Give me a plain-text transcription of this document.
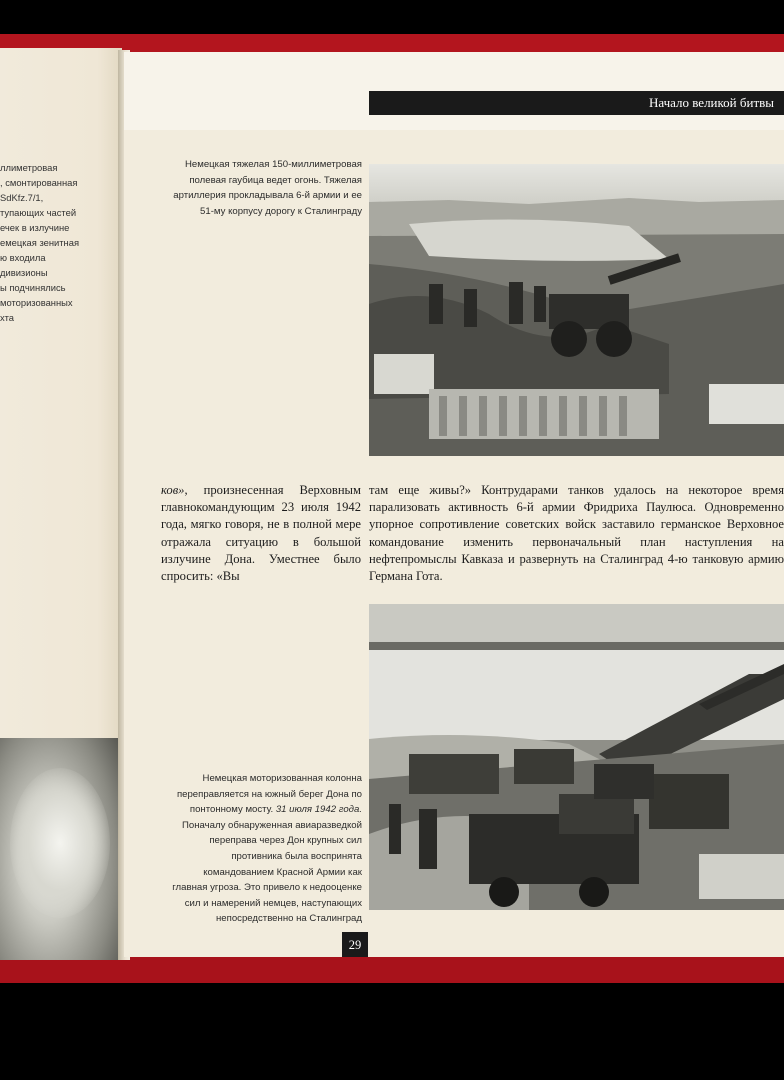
ллиметровая
, смонтированная
SdKfz.7/1,
тупающих частей
ечек в излучине
емецкая зенитная
ю входила
дивизионы
ы подчинялись
моторизованных
хта
Начало великой битвы
Немецкая тяжелая 150-миллиметровая полевая гаубица ведет огонь. Тяжелая артиллерия прокладывала 6-й армии и ее 51-му корпусу дорогу к Сталинграду
ков», произнесенная Верховным главнокомандующим 23 июля 1942 года, мягко говоря, не в полной мере отражала ситуацию в большой излучине Дона. Уместнее было спросить: «Вы
там еще живы?» Контрударами танков удалось на некоторое время парализовать активность 6-й армии Фридриха Паулюса. Одновременно упорное сопротивление советских войск заставило германское Верховное командование изменить первоначальный план наступления на нефтепромыслы Кавказа и развернуть на Сталинград 4-ю танковую армию Германа Гота.
Немецкая моторизованная колонна переправляется на южный берег Дона по понтонному мосту. 31 июля 1942 года. Поначалу обнаруженная авиаразведкой переправа через Дон крупных сил противника была воспринята командованием Красной Армии как главная угроза. Это привело к недооценке сил и намерений немцев, наступающих непосредственно на Сталинград
29
